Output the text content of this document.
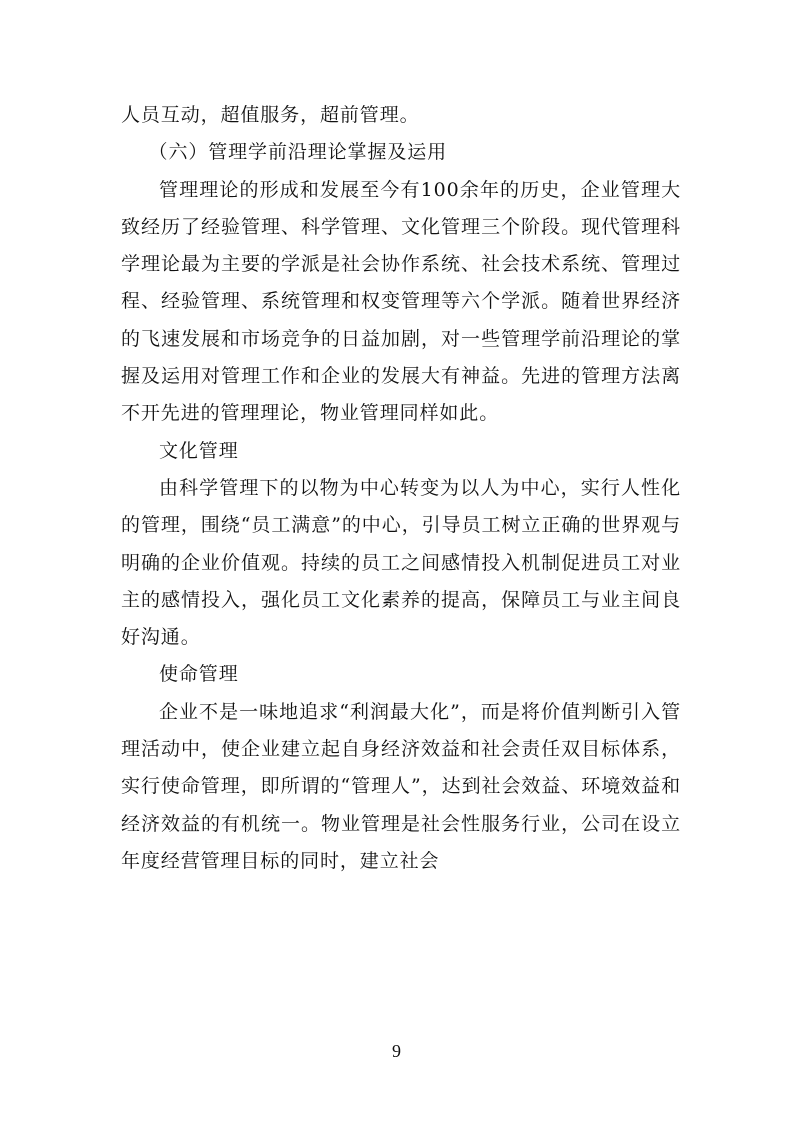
人员互动，超值服务，超前管理。

（六）管理学前沿理论掌握及运用

管理理论的形成和发展至今有100余年的历史，企业管理大致经历了经验管理、科学管理、文化管理三个阶段。现代管理科学理论最为主要的学派是社会协作系统、社会技术系统、管理过程、经验管理、系统管理和权变管理等六个学派。随着世界经济的飞速发展和市场竞争的日益加剧，对一些管理学前沿理论的掌握及运用对管理工作和企业的发展大有神益。先进的管理方法离不开先进的管理理论，物业管理同样如此。

文化管理

由科学管理下的以物为中心转变为以人为中心，实行人性化的管理，围绕“员工满意”的中心，引导员工树立正确的世界观与明确的企业价值观。持续的员工之间感情投入机制促进员工对业主的感情投入，强化员工文化素养的提高，保障员工与业主间良好沟通。

使命管理

企业不是一味地追求“利润最大化”，而是将价值判断引入管理活动中，使企业建立起自身经济效益和社会责任双目标体系，实行使命管理，即所谓的“管理人”，达到社会效益、环境效益和经济效益的有机统一。物业管理是社会性服务行业，公司在设立年度经营管理目标的同时，建立社会

9
